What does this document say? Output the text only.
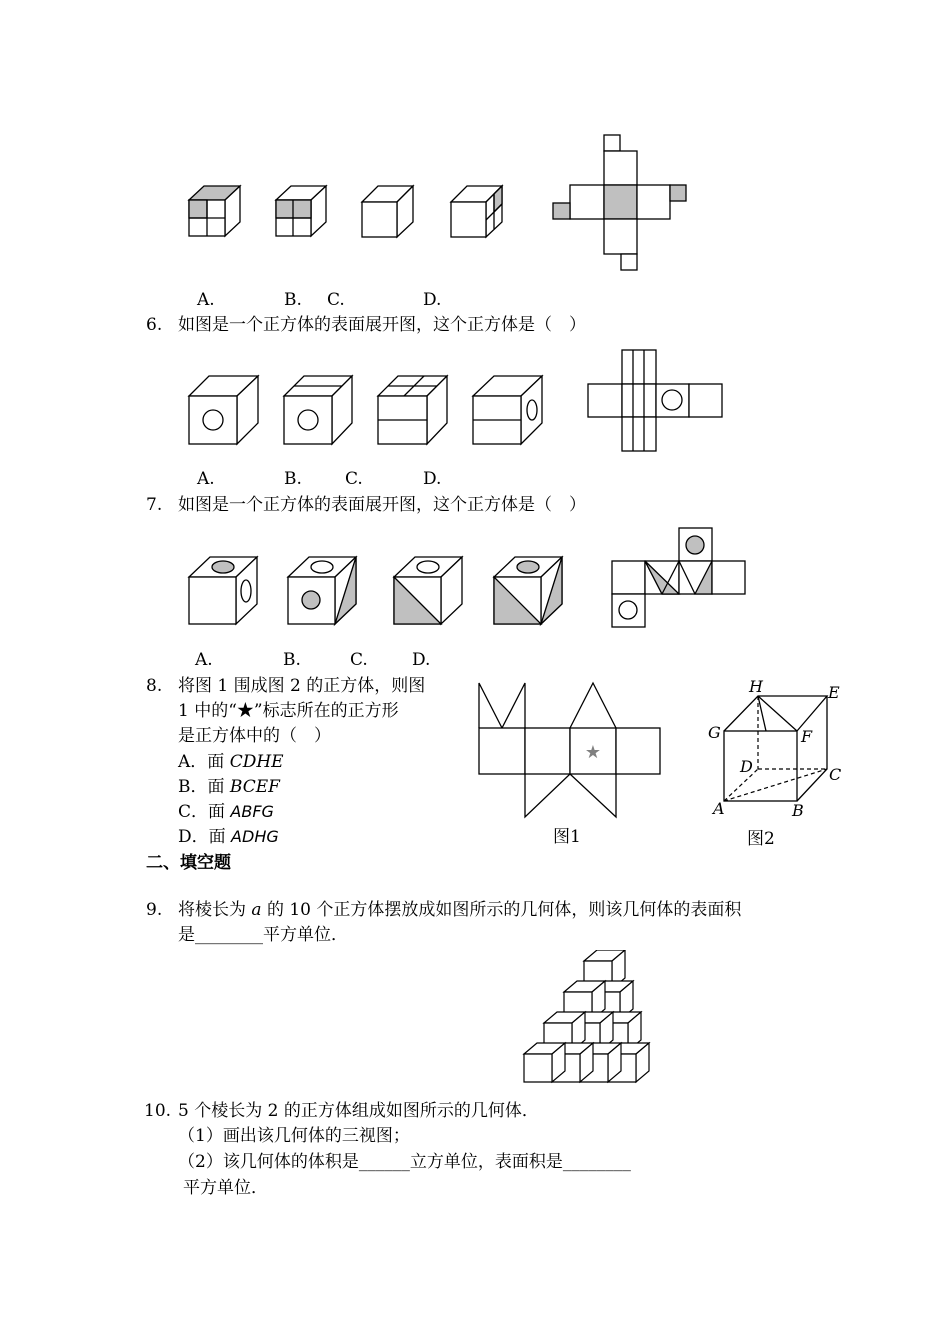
A.	B. C.	D.
6. 如图是一个正方体的表面展开图，这个正方体是（　）
A.	B.	C.	D.
7. 如图是一个正方体的表面展开图，这个正方体是（　）
A.	B.	C.	D.
8. 将图 1 围成图 2 的正方体，则图
1 中的“★”标志所在的正方形
是正方体中的（　）
A．面 CDHE
B．面 BCEF
C．面 ABFG
D．面 ADHG
★
图1
H	E
G	F
D	C
A	B
图2
二、填空题
9. 将棱长为 a 的 10 个正方体摆放成如图所示的几何体，则该几何体的表面积
是________平方单位．
10. 5 个棱长为 2 的正方体组成如图所示的几何体．
（1）画出该几何体的三视图；
（2）该几何体的体积是______立方单位，表面积是________
平方单位．
